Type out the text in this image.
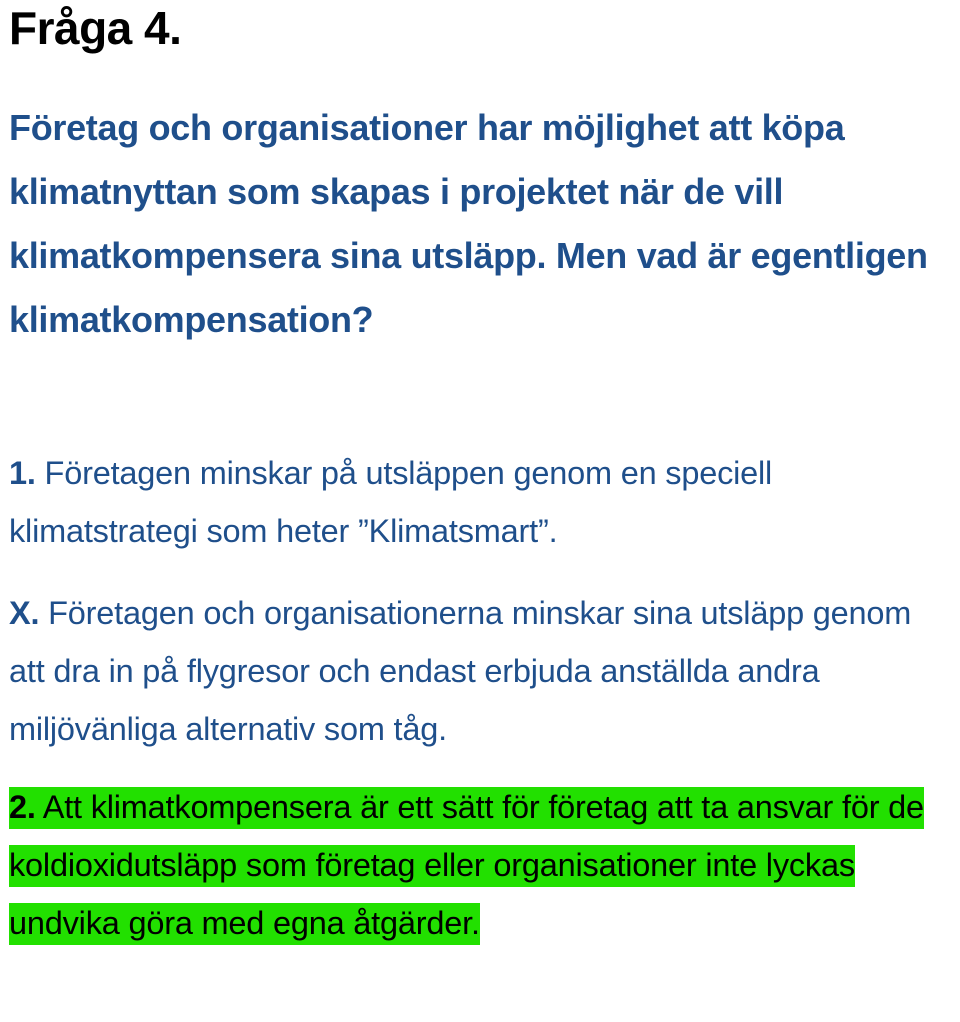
Fråga 4.

Företag och organisationer har möjlighet att köpa klimatnyttan som skapas i projektet när de vill klimatkompensera sina utsläpp. Men vad är egentligen klimatkompensation?

1. Företagen minskar på utsläppen genom en speciell klimatstrategi som heter ”Klimatsmart”.

X. Företagen och organisationerna minskar sina utsläpp genom att dra in på flygresor och endast erbjuda anställda andra miljövänliga alternativ som tåg.

2. Att klimatkompensera är ett sätt för företag att ta ansvar för de koldioxidutsläpp som företag eller organisationer inte lyckas undvika göra med egna åtgärder.
